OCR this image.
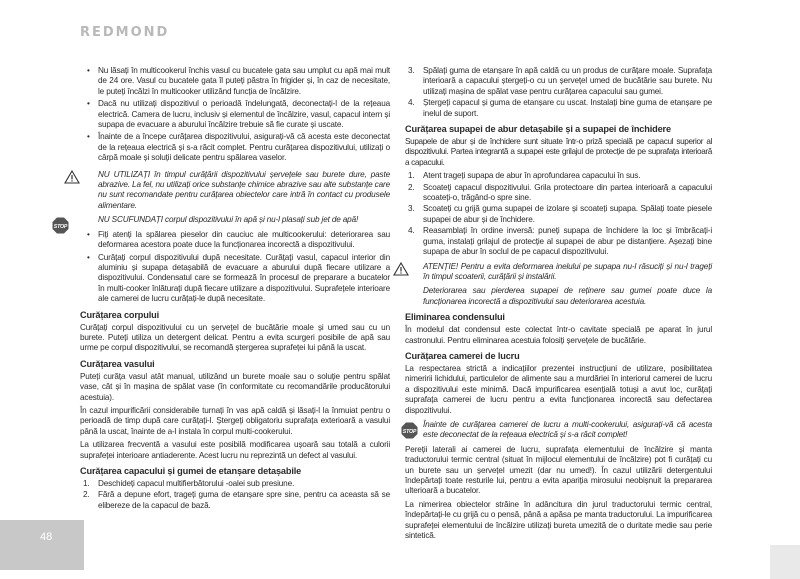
REDMOND
• Nu lăsați în multicookerul închis vasul cu bucatele gata sau umplut cu apă mai mult de 24 ore. Vasul cu bucatele gata îl puteți păstra în frigider și, în caz de necesitate, le puteți încălzi în multicooker utilizând funcția de încălzire.
• Dacă nu utilizați dispozitivul o perioadă îndelungată, deconectați-l de la rețeaua electrică. Camera de lucru, inclusiv și elementul de încălzire, vasul, capacul intern și supapa de evacuare a aburului încălzire trebuie să fie curate și uscate.
• Înainte de a începe curățarea dispozitivului, asigurați-vă că acesta este deconectat de la rețeaua electrică și s-a răcit complet. Pentru curățarea dispozitivului, utilizați o cârpă moale și soluții delicate pentru spălarea vaselor.
NU UTILIZAȚI în timpul curățării dispozitivului șervețele sau burete dure, paste abrazive. La fel, nu utilizați orice substanțe chimice abrazive sau alte substanțe care nu sunt recomandate pentru curățarea obiectelor care intră în contact cu produsele alimentare.
STOP
NU SCUFUNDAȚI corpul dispozitivului în apă și nu-l plasați sub jet de apă!
• Fiți atenți la spălarea pieselor din cauciuc ale multicookerului: deteriorarea sau deformarea acestora poate duce la funcționarea incorectă a dispozitivului.
• Curățați corpul dispozitivului după necesitate. Curățați vasul, capacul interior din aluminiu și supapa detașabilă de evacuare a aburului după fiecare utilizare a dispozitivului. Condensatul care se formează în procesul de preparare a bucatelor în multi-cooker înlăturați după fiecare utilizare a dispozitivului. Suprafețele interioare ale camerei de lucru curățați-le după necesitate.
Curățarea corpului

Curățați corpul dispozitivului cu un șervețel de bucătărie moale și umed sau cu un burete. Puteți utiliza un detergent delicat. Pentru a evita scurgeri posibile de apă sau urme pe corpul dispozitivului, se recomandă ștergerea suprafeței lui până la uscat.

Curățarea vasului

Puteți curăța vasul atât manual, utilizând un burete moale sau o soluție pentru spălat vase, cât și în mașina de spălat vase (în conformitate cu recomandările producătorului acestuia).

În cazul impurificării considerabile turnați în vas apă caldă și lăsați-l la înmuiat pentru o perioadă de timp după care curățați-l. Ștergeți obligatoriu suprafața exterioară a vasului până la uscat, înainte de a-l instala în corpul multi-cookerului.

La utilizarea frecventă a vasului este posibilă modificarea ușoară sau totală a culorii suprafeței interioare antiaderente. Acest lucru nu reprezintă un defect al vasului.

Curățarea capacului și gumei de etanșare detașabile
1. Deschideți capacul multifierbătorului -oalei sub presiune.
2. Fără a depune efort, trageți guma de etanșare spre sine, pentru ca aceasta să se elibereze de la capacul de bază.
3. Spălați guma de etanșare în apă caldă cu un produs de curățare moale. Suprafața interioară a capacului ștergeți-o cu un șervețel umed de bucătărie sau burete. Nu utilizați mașina de spălat vase pentru curățarea capacului sau gumei.
4. Ștergeți capacul și guma de etanșare cu uscat. Instalați bine guma de etanșare pe inelul de suport.
Curățarea supapei de abur detașabile și a supapei de închidere

Supapele de abur și de închidere sunt situate într-o priză specială pe capacul superior al dispozitivului. Partea integrantă a supapei este grilajul de protecție de pe suprafața interioară a capacului.

1. Atent trageți supapa de abur în aprofundarea capacului în sus.
2. Scoateți capacul dispozitivului. Grila protectoare din partea interioară a capacului scoateți-o, trăgând-o spre sine.
3. Scoateți cu grijă guma supapei de izolare și scoateți supapa. Spălați toate piesele supapei de abur și de închidere.
4. Reasamblați în ordine inversă: puneți supapa de închidere la loc și îmbrăcați-i guma, instalați grilajul de protecție al supapei de abur pe distanțiere. Așezați bine supapa de abur în soclul de pe capacul dispozitivului.
ATENȚIE! Pentru a evita deformarea inelului pe supapa nu-l răsuciți și nu-l trageți în timpul scoaterii, curățării și instalării.
Deteriorarea sau pierderea supapei de reținere sau gumei poate duce la funcționarea incorectă a dispozitivului sau deteriorarea acestuia.
Eliminarea condensului

În modelul dat condensul este colectat într-o cavitate specială pe aparat în jurul castronului. Pentru eliminarea acestuia folosiți șervețele de bucătărie.

Curățarea camerei de lucru

La respectarea strictă a indicațiilor prezentei instrucțiuni de utilizare, posibilitatea nimeririi lichidului, particulelor de alimente sau a murdăriei în interiorul camerei de lucru a dispozitivului este minimă. Dacă impurificarea esențială totuși a avut loc, curățați suprafața camerei de lucru pentru a evita funcționarea incorectă sau defectarea dispozitivului.

STOP
Înainte de curățarea camerei de lucru a multi-cookerului, asigurați-vă că acesta este deconectat de la rețeaua electrică și s-a răcit complet!

Pereții laterali ai camerei de lucru, suprafața elementului de încălzire și manta traductorului termic central (situat în mijlocul elementului de încălzire) pot fi curățați cu un burete sau un șervețel umezit (dar nu umed!). În cazul utilizării detergentului îndepărtați toate resturile lui, pentru a evita apariția mirosului neobișnuit la prepararea ulterioară a bucatelor.

La nimerirea obiectelor străine în adâncitura din jurul traductorului termic central, îndepărtați-le cu grijă cu o pensă, până a apăsa pe manta traductorului. La impurificarea suprafeței elementului de încălzire utilizați bureta umezită de o duritate medie sau perie sintetică.

48
